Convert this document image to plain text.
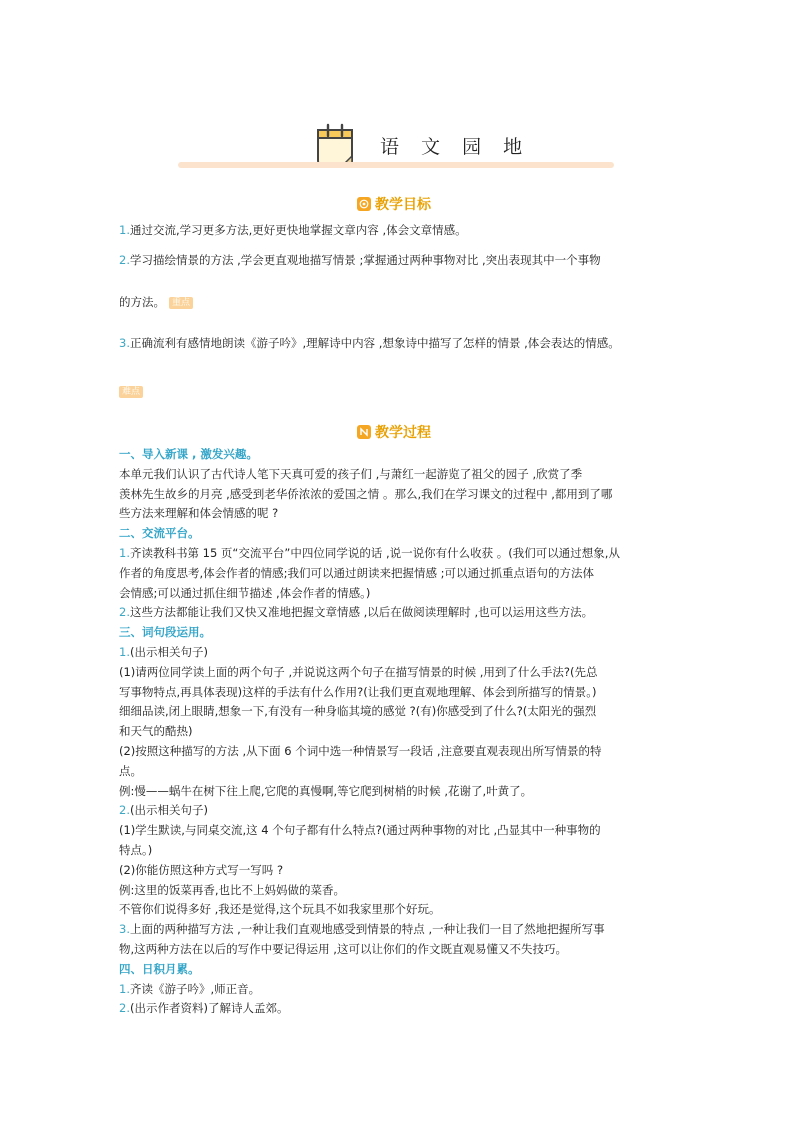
语 文 园 地
教学目标
1.通过交流,学习更多方法,更好更快地掌握文章内容 ,体会文章情感。
2.学习描绘情景的方法 ,学会更直观地描写情景 ;掌握通过两种事物对比 ,突出表现其中一个事物
的方法。 重点
3.正确流利有感情地朗读《游子吟》,理解诗中内容 ,想象诗中描写了怎样的情景 ,体会表达的情感。
难点
教学过程
一、导入新课 , 激发兴趣。
本单元我们认识了古代诗人笔下天真可爱的孩子们 ,与萧红一起游览了祖父的园子 ,欣赏了季
羡林先生故乡的月亮 ,感受到老华侨浓浓的爱国之情 。那么,我们在学习课文的过程中 ,都用到了哪
些方法来理解和体会情感的呢 ?
二、交流平台。
1.齐读教科书第 15 页“交流平台”中四位同学说的话 ,说一说你有什么收获 。(我们可以通过想象,从
作者的角度思考,体会作者的情感;我们可以通过朗读来把握情感 ;可以通过抓重点语句的方法体
会情感;可以通过抓住细节描述 ,体会作者的情感。)
2.这些方法都能让我们又快又准地把握文章情感 ,以后在做阅读理解时 ,也可以运用这些方法。
三、词句段运用。
1.(出示相关句子)
(1)请两位同学读上面的两个句子 ,并说说这两个句子在描写情景的时候 ,用到了什么手法?(先总
写事物特点,再具体表现)这样的手法有什么作用?(让我们更直观地理解、体会到所描写的情景。)
细细品读,闭上眼睛,想象一下,有没有一种身临其境的感觉 ?(有)你感受到了什么?(太阳光的强烈
和天气的酷热)
(2)按照这种描写的方法 ,从下面 6 个词中选一种情景写一段话 ,注意要直观表现出所写情景的特
点。
例:慢——蜗牛在树下往上爬,它爬的真慢啊,等它爬到树梢的时候 ,花谢了,叶黄了。
2.(出示相关句子)
(1)学生默读,与同桌交流,这 4 个句子都有什么特点?(通过两种事物的对比 ,凸显其中一种事物的
特点。)
(2)你能仿照这种方式写一写吗 ?
例:这里的饭菜再香,也比不上妈妈做的菜香。
不管你们说得多好 ,我还是觉得,这个玩具不如我家里那个好玩。
3.上面的两种描写方法 ,一种让我们直观地感受到情景的特点 ,一种让我们一目了然地把握所写事
物,这两种方法在以后的写作中要记得运用 ,这可以让你们的作文既直观易懂又不失技巧。
四、日积月累。
1.齐读《游子吟》,师正音。
2.(出示作者资料)了解诗人孟郊。
